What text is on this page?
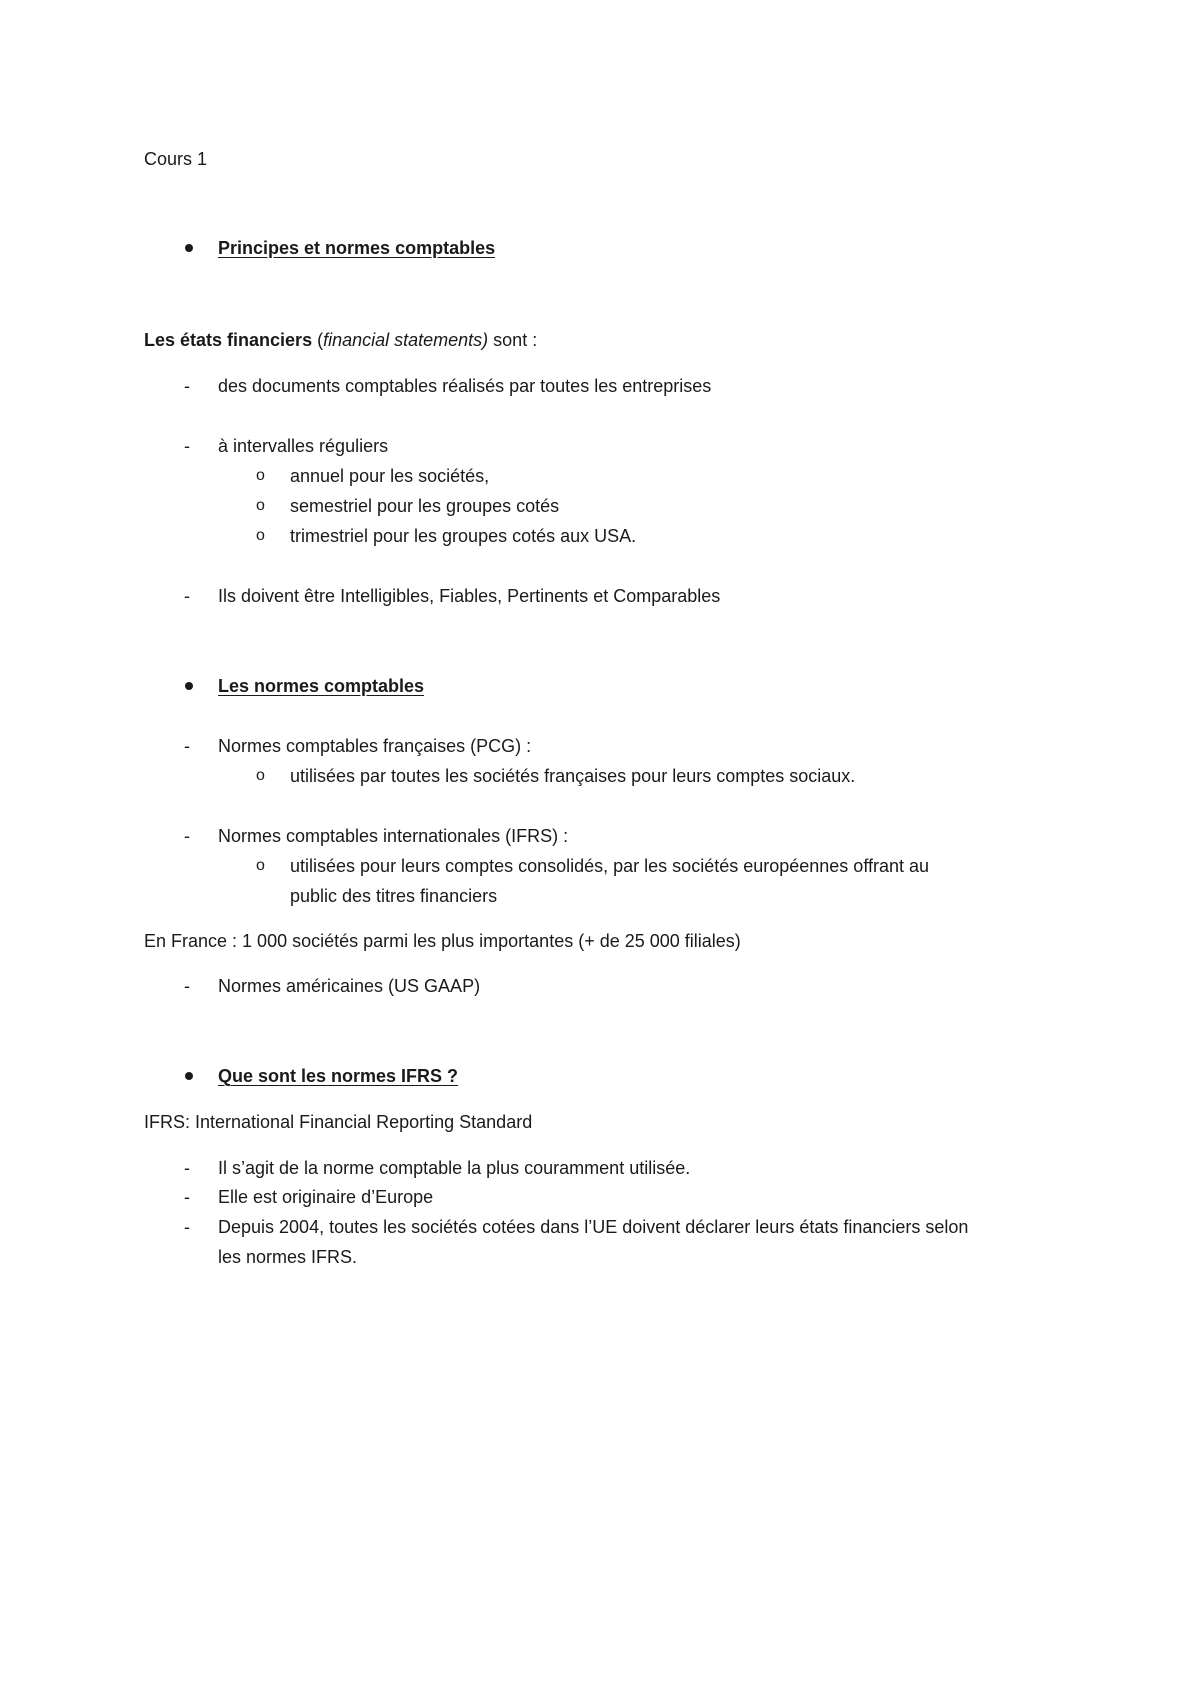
Cours 1
Principes et normes comptables
Les états financiers (financial statements) sont :
- des documents comptables réalisés par toutes les entreprises
- à intervalles réguliers
o annuel pour les sociétés,
o semestriel pour les groupes cotés
o trimestriel pour les groupes cotés aux USA.
- Ils doivent être Intelligibles, Fiables, Pertinents et Comparables
Les normes comptables
- Normes comptables françaises (PCG) :
o utilisées par toutes les sociétés françaises pour leurs comptes sociaux.
- Normes comptables internationales (IFRS) :
o utilisées pour leurs comptes consolidés, par les sociétés européennes offrant au
public des titres financiers
En France : 1 000 sociétés parmi les plus importantes (+ de 25 000 filiales)
- Normes américaines (US GAAP)
Que sont les normes IFRS ?
IFRS: International Financial Reporting Standard
- Il s’agit de la norme comptable la plus couramment utilisée.
- Elle est originaire d’Europe
- Depuis 2004, toutes les sociétés cotées dans l’UE doivent déclarer leurs états financiers selon
les normes IFRS.
